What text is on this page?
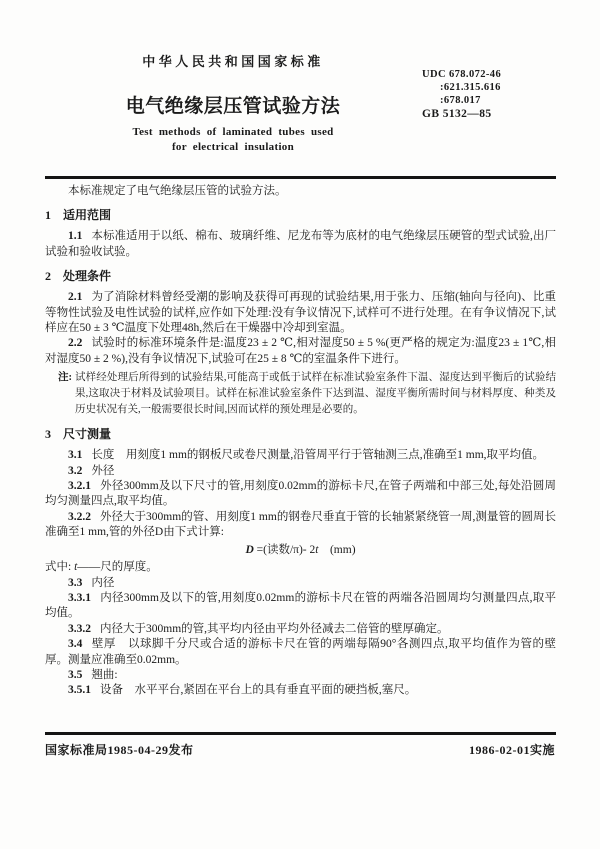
中华人民共和国国家标准
电气绝缘层压管试验方法
Test methods of laminated tubes used
for electrical insulation
UDC 678.072-46
:621.315.616
:678.017
GB 5132—85

本标准规定了电气绝缘层压管的试验方法。

1 适用范围

1.1 本标准适用于以纸、棉布、玻璃纤维、尼龙布等为底材的电气绝缘层压硬管的型式试验,出厂试验和验收试验。

2 处理条件

2.1 为了消除材料曾经受潮的影响及获得可再现的试验结果,用于张力、压缩(轴向与径向)、比重等物性试验及电性试验的试样,应作如下处理:没有争议情况下,试样可不进行处理。在有争议情况下,试样应在50 ± 3 ℃温度下处理48h,然后在干燥器中冷却到室温。

2.2 试验时的标准环境条件是:温度23 ± 2 ℃,相对湿度50 ± 5 %(更严格的规定为:温度23 ± 1℃,相对湿度50 ± 2 %),没有争议情况下,试验可在25 ± 8 ℃的室温条件下进行。

注: 试样经处理后所得到的试验结果,可能高于或低于试样在标准试验室条件下温、湿度达到平衡后的试验结果,这取决于材料及试验项目。试样在标准试验室条件下达到温、湿度平衡所需时间与材料厚度、种类及历史状况有关,一般需要很长时间,因而试样的预处理是必要的。
3 尺寸测量

3.1 长度　用刻度1 mm的钢板尺或卷尺测量,沿管周平行于管轴测三点,准确至1 mm,取平均值。

3.2 外径

3.2.1 外径300mm及以下尺寸的管,用刻度0.02mm的游标卡尺,在管子两端和中部三处,每处沿圆周均匀测量四点,取平均值。

3.2.2 外径大于300mm的管、用刻度1 mm的钢卷尺垂直于管的长轴紧紧绕管一周,测量管的圆周长准确至1 mm,管的外径D由下式计算:

D =(读数/π)- 2t　(mm)

式中: t——尺的厚度。

3.3 内径

3.3.1 内径300mm及以下的管,用刻度0.02mm的游标卡尺在管的两端各沿圆周均匀测量四点,取平均值。

3.3.2 内径大于300mm的管,其平均内径由平均外径减去二倍管的壁厚确定。

3.4 壁厚　以球脚千分尺或合适的游标卡尺在管的两端每隔90°各测四点,取平均值作为管的壁厚。测量应准确至0.02mm。

3.5 翘曲:

3.5.1 设备　水平平台,紧固在平台上的具有垂直平面的硬挡板,塞尺。

国家标准局1985-04-29发布	1986-02-01实施
